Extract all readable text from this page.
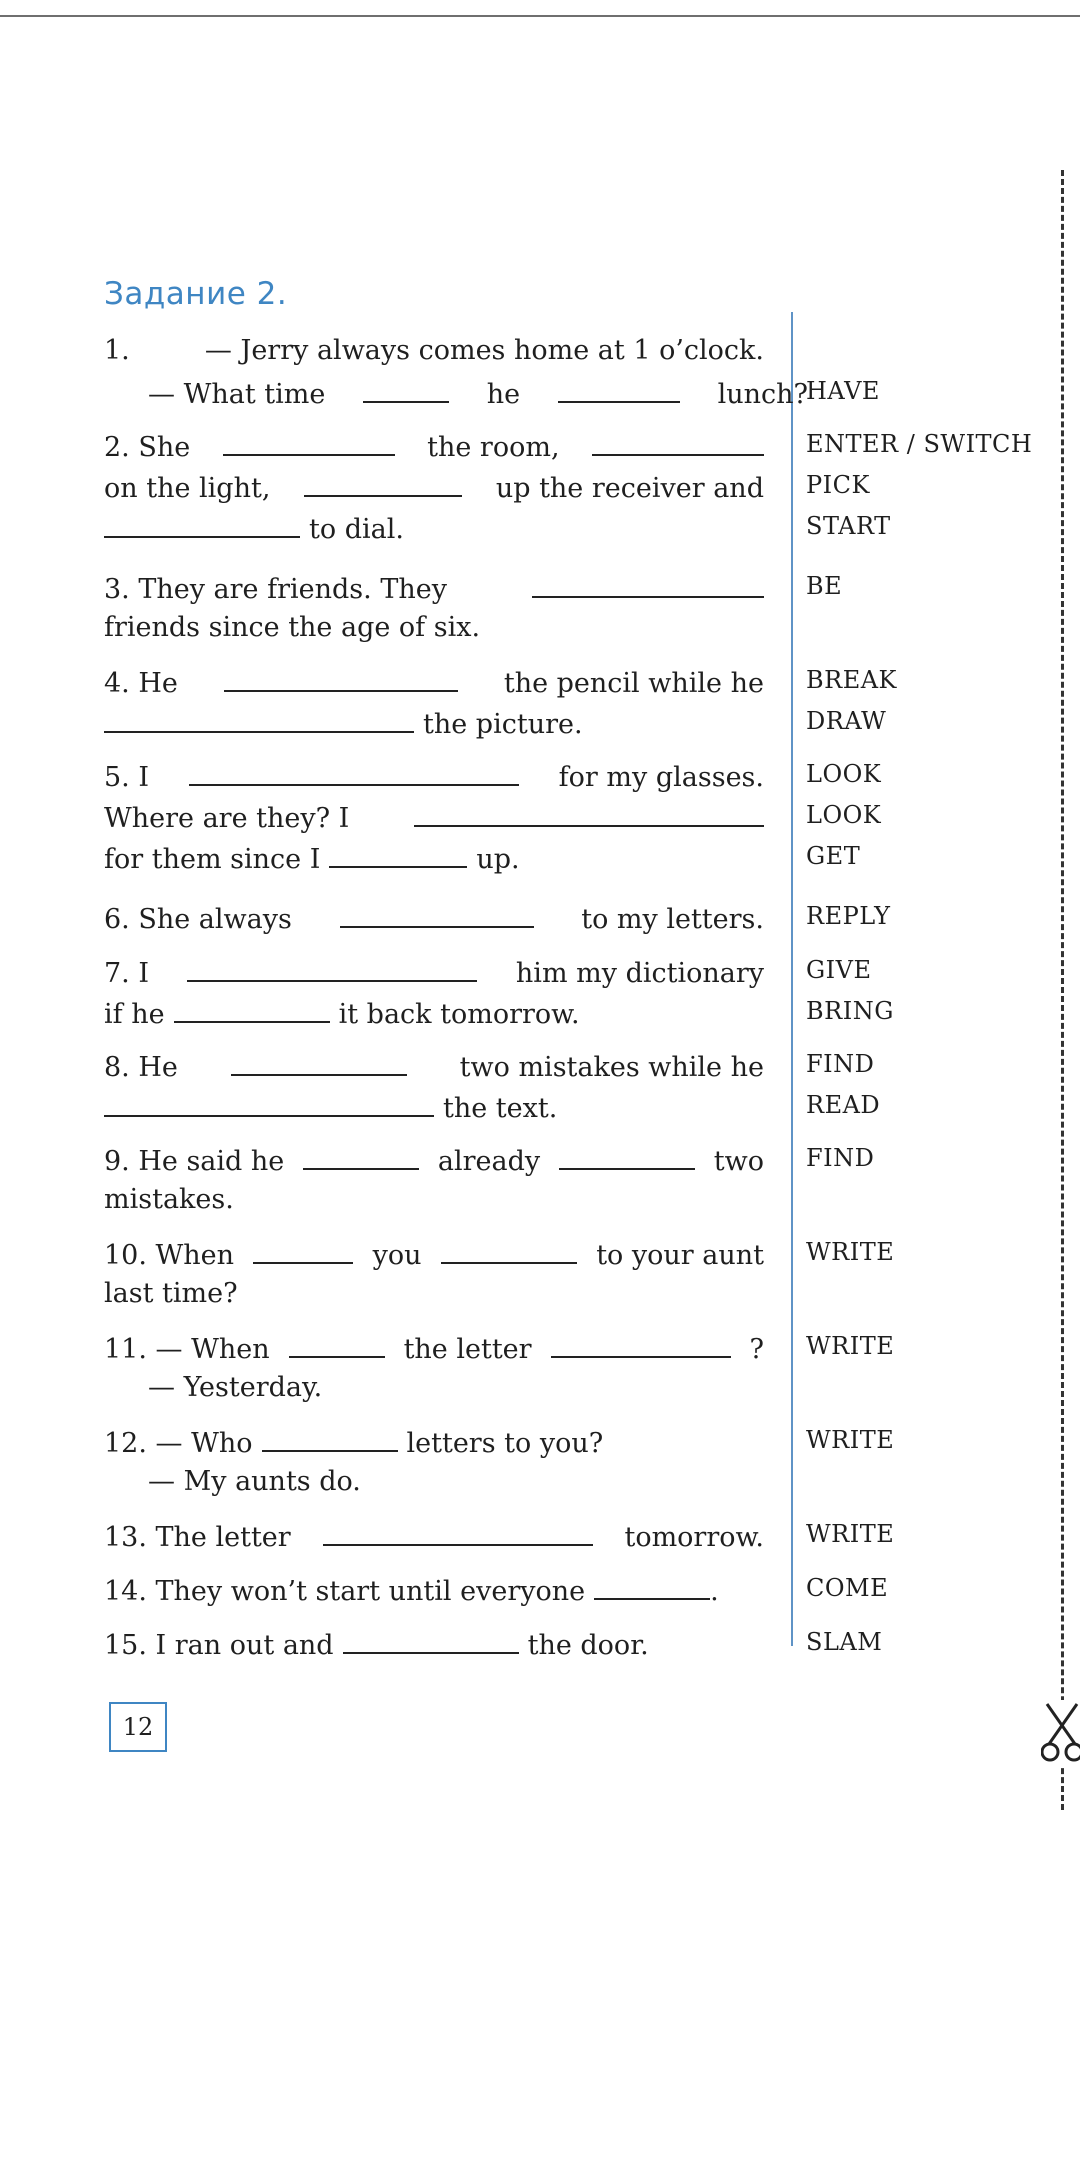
Задание 2.
1.	— Jerry always comes home at 1 o’clock.
— What time	he	lunch?
HAVE
2. She	the room,
on the light,	up the receiver and
to dial.
ENTER / SWITCH
PICK
START
3. They are friends. They
friends since the age of six.
BE
4. He	the pencil while he
the picture.
BREAK
DRAW
5. I	for my glasses.
Where are they? I
for them since I	up.
LOOK
LOOK
GET
6. She always	to my letters. REPLY
7. I	him my dictionary
if he	it back tomorrow.
GIVE
BRING
8. He	two mistakes while he
the text.
FIND
READ
9. He said he	already	two
mistakes.
FIND
10. When	you	to your aunt
last time?
WRITE
11. — When	the letter	?
— Yesterday.
WRITE
12. — Who	letters to you?
— My aunts do.
WRITE
13. The letter	tomorrow. WRITE
14. They won’t start until everyone	.	COME
15. I ran out and	the door.	SLAM
12
